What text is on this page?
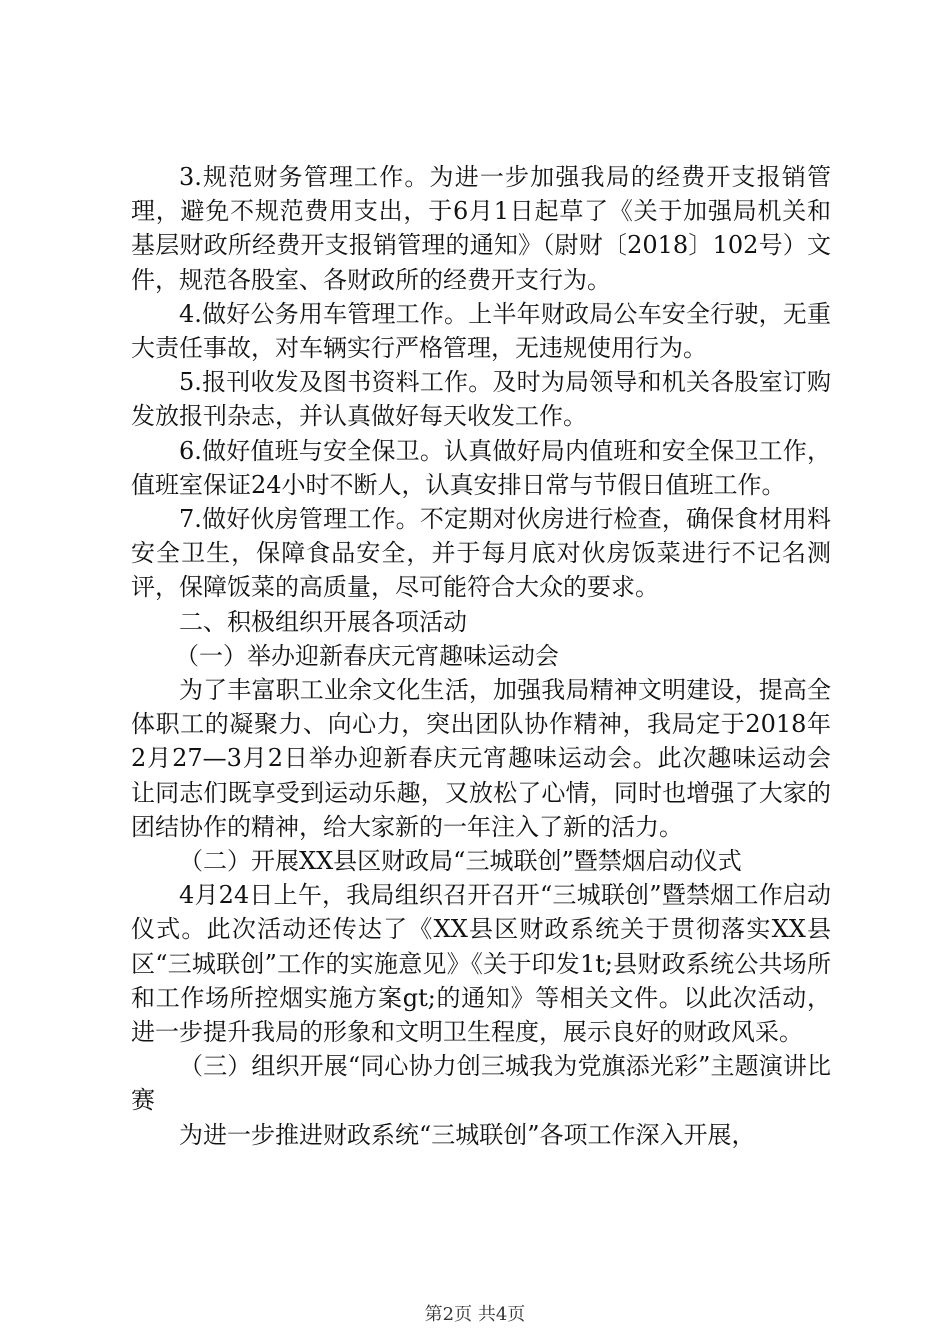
3.规范财务管理工作。为进一步加强我局的经费开支报销管理，避免不规范费用支出，于6月1日起草了《关于加强局机关和基层财政所经费开支报销管理的通知》（尉财〔2018〕102号）文件，规范各股室、各财政所的经费开支行为。

4.做好公务用车管理工作。上半年财政局公车安全行驶，无重大责任事故，对车辆实行严格管理，无违规使用行为。

5.报刊收发及图书资料工作。及时为局领导和机关各股室订购发放报刊杂志，并认真做好每天收发工作。

6.做好值班与安全保卫。认真做好局内值班和安全保卫工作，值班室保证24小时不断人，认真安排日常与节假日值班工作。

7.做好伙房管理工作。不定期对伙房进行检查，确保食材用料安全卫生，保障食品安全，并于每月底对伙房饭菜进行不记名测评，保障饭菜的高质量，尽可能符合大众的要求。

二、积极组织开展各项活动

（一）举办迎新春庆元宵趣味运动会

为了丰富职工业余文化生活，加强我局精神文明建设，提高全体职工的凝聚力、向心力，突出团队协作精神，我局定于2018年2月27—3月2日举办迎新春庆元宵趣味运动会。此次趣味运动会让同志们既享受到运动乐趣，又放松了心情，同时也增强了大家的团结协作的精神，给大家新的一年注入了新的活力。

（二）开展XX县区财政局“三城联创”暨禁烟启动仪式

4月24日上午，我局组织召开召开“三城联创”暨禁烟工作启动仪式。此次活动还传达了《XX县区财政系统关于贯彻落实XX县区“三城联创”工作的实施意见》《关于印发1t;县财政系统公共场所和工作场所控烟实施方案gt;的通知》等相关文件。以此次活动，进一步提升我局的形象和文明卫生程度，展示良好的财政风采。

（三）组织开展“同心协力创三城我为党旗添光彩”主题演讲比赛

为进一步推进财政系统“三城联创”各项工作深入开展，

第2页 共4页
